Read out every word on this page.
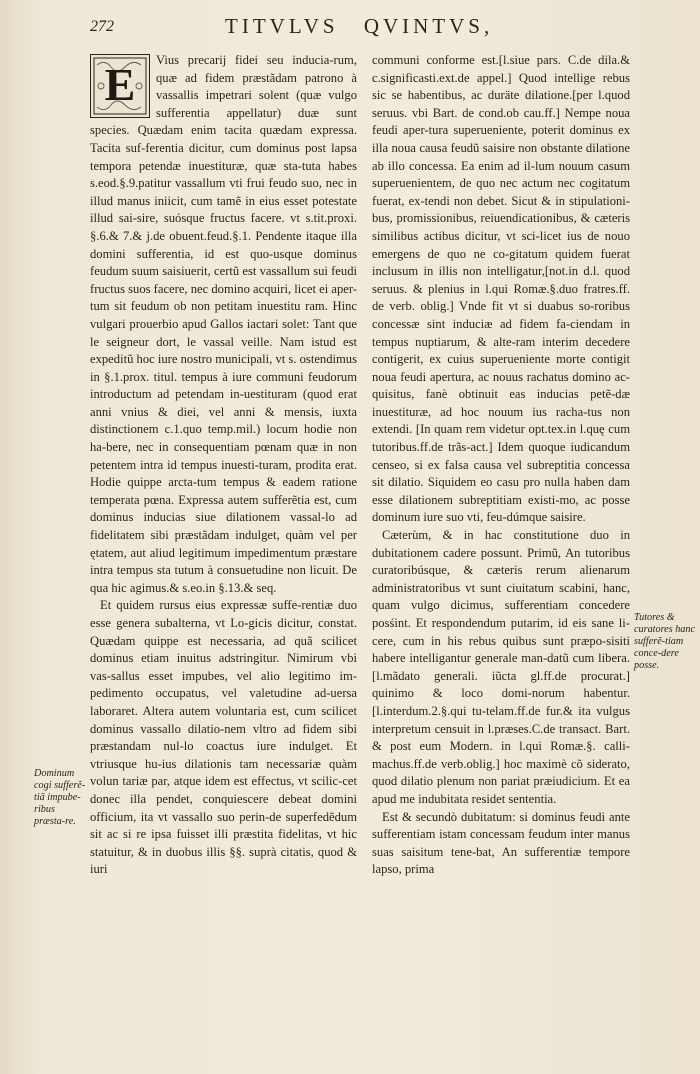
272	TITVLVS QVINTVS,

E	Vius precarij fidei seu inducia-rum, quæ ad fidem præstãdam patrono à vassallis impetrari solent (quæ vulgo sufferentia appellatur) duæ sunt species. Quædam enim tacita quædam expressa. Tacita suf-ferentia dicitur, cum dominus post lapsa tempora petendæ inuestituræ, quæ sta-tuta habes s.eod.§.9.patitur vassallum vti frui feudo suo, nec in illud manus iniicit, cum tamẽ in eius esset potestate illud sai-sire, suósque fructus facere. vt s.tit.proxi. §.6.& 7.& j.de obuent.feud.§.1. Pendente itaque illa domini sufferentia, id est quo-usque dominus feudum suum saisiuerit, certũ est vassallum sui feudi fructus suos facere, nec domino acquiri, licet ei aper-tum sit feudum ob non petitam inuestitu ram. Hinc vulgari prouerbio apud Gallos iactari solet: Tant que le seigneur dort, le vassal veille. Nam istud est expeditũ hoc iure nostro municipali, vt s. ostendimus in §.1.prox. titul. tempus à iure communi feudorum introductum ad petendam in-uestituram (quod erat anni vnius & diei, vel anni & mensis, iuxta distinctionem c.1.quo temp.mil.) locum hodie non ha-bere, nec in consequentiam pœnam quæ in non petentem intra id tempus inuesti-turam, prodita erat. Hodie quippe arcta-tum tempus & eadem ratione temperata pœna. Expressa autem sufferẽtia est, cum dominus inducias siue dilationem vassal-lo ad fidelitatem sibi præstãdam indulget, quàm vel per ętatem, aut aliud legitimum impedimentum præstare intra tempus sta tutum à consuetudine non licuit. De qua hic agimus.& s.eo.in §.13.& seq.

Et quidem rursus eius expressæ suffe-rentiæ duo esse genera subalterna, vt Lo-gicis dicitur, constat. Quædam quippe est necessaria, ad quã scilicet dominus etiam inuitus adstringitur. Nimirum vbi vas-sallus esset impubes, vel alio legitimo im-pedimento occupatus, vel valetudine ad-uersa laboraret. Altera autem voluntaria est, cum scilicet dominus vassallo dilatio-nem vltro ad fidem sibi præstandam nul-lo coactus iure indulget. Et vtriusque hu-ius dilationis tam necessariæ quàm volun tariæ par, atque idem est effectus, vt scilic-cet donec illa pendet, conquiescere debeat domini officium, ita vt vassallo suo perin-de superfedẽdum sit ac si re ipsa fuisset illi præstita fidelitas, vt hic statuitur, & in duobus illis §§. suprà citatis, quod & iuri

communi conforme est.[l.siue pars. C.de dila.& c.significasti.ext.de appel.] Quod intellige rebus sic se habentibus, ac duräte dilatione.[per l.quod seruus. vbi Bart. de cond.ob cau.ff.] Nempe noua feudi aper-tura superueniente, poterit dominus ex illa noua causa feudũ saisire non obstante dilatione ab illo concessa. Ea enim ad il-lum nouum casum superuenientem, de quo nec actum nec cogitatum fuerat, ex-tendi non debet. Sicut & in stipulationi-bus, promissionibus, reiuendicationibus, & cæteris similibus actibus dicitur, vt sci-licet ius de nouo emergens de quo ne co-gitatum quidem fuerat inclusum in illis non intelligatur,[not.in d.l. quod seruus. & plenius in l.qui Romæ.§.duo fratres.ff. de verb. oblig.] Vnde fit vt si duabus so-roribus concessæ sint induciæ ad fidem fa-ciendam in tempus nuptiarum, & alte-ram interim decedere contigerit, ex cuius superueniente morte contigit noua feudi apertura, ac nouus rachatus domino ac-quisitus, fanè obtinuit eas inducias petẽ-dæ inuestituræ, ad hoc nouum ius racha-tus non extendi. [In quam rem videtur opt.tex.in l.quę cum tutoribus.ff.de trãs-act.] Idem quoque iudicandum censeo, si ex falsa causa vel subreptitia concessa sit dilatio. Siquidem eo casu pro nulla haben dam esse dilationem subreptitiam existi-mo, ac posse dominum iure suo vti, feu-dúmque saisire.

Cæterùm, & in hac constitutione duo in dubitationem cadere possunt. Primũ, An tutoribus curatoribúsque, & cæteris rerum alienarum administratoribus vt sunt ciuitatum scabini, hanc, quam vulgo dicimus, sufferentiam concedere posśint. Et respondendum putarim, id eis sane li-cere, cum in his rebus quibus sunt præpo-sisiti habere intelligantur generale man-datũ cum libera.[l.mãdato generali. iũcta gl.ff.de procurat.] quinimo & loco domi-norum habentur.[l.interdum.2.§.qui tu-telam.ff.de fur.& ita vulgus interpretum censuit in l.præses.C.de transact. Bart. & post eum Modern. in l.qui Romæ.§. calli-machus.ff.de verb.oblig.] hoc maximè cõ siderato, quod dilatio plenum non pariat præiudicium. Et ea apud me indubitata residet sententia.

Est & secundò dubitatum: si dominus feudi ante sufferentiam istam concessam feudum inter manus suas saisitum tene-bat, An sufferentiæ tempore lapso, prima

Dominum cogi sufferẽ-tiã impube-ribus præsta-re.
Tutores & curatores hanc sufferẽ-tiam conce-dere posse.
